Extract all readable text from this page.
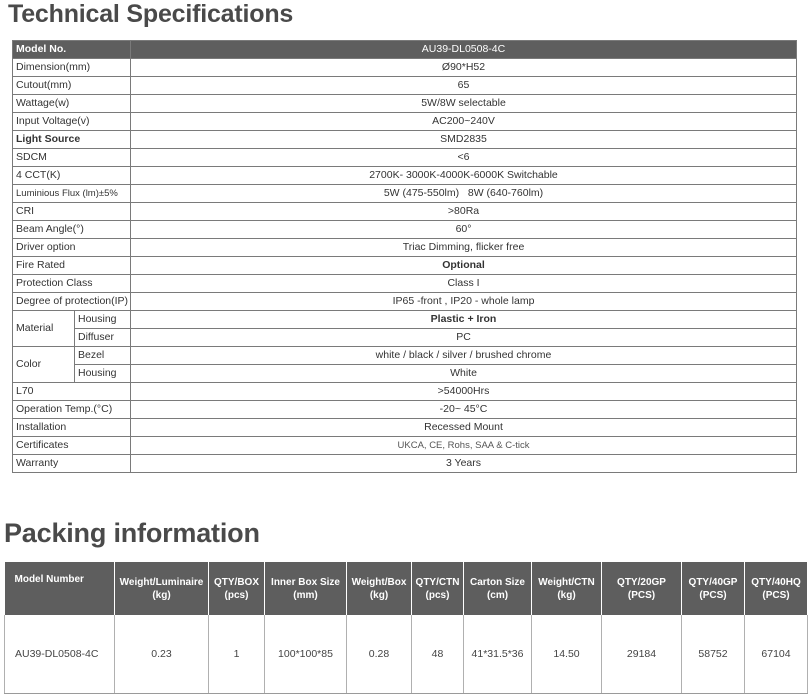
Technical Specifications
Model No.		AU39-DL0508-4C
Dimension(mm)		Ø90*H52
Cutout(mm)		65
Wattage(w)		5W/8W selectable
Input Voltage(v)		AC200~240V
Light Source		SMD2835
SDCM		<6
4 CCT(K)		2700K- 3000K-4000K-6000K Switchable
Luminious Flux (lm)±5%		5W (475-550lm)   8W (640-760lm)
CRI		>80Ra
Beam Angle(°)		60°
Driver option		Triac Dimming, flicker free
Fire Rated		Optional
Protection Class		Class I
Degree of protection(IP)		IP65 -front , IP20 - whole lamp
Material	Housing	Plastic + Iron
	Diffuser	PC
Color	Bezel	white / black / silver / brushed chrome
	Housing	White
L70		>54000Hrs
Operation Temp.(°C)		-20~ 45°C
Installation		Recessed Mount
Certificates		UKCA, CE, Rohs, SAA & C-tick
Warranty		3 Years
Packing information
Model Number	Weight/Luminaire (kg)	QTY/BOX (pcs)	Inner Box Size (mm)	Weight/Box (kg)	QTY/CTN (pcs)	Carton Size (cm)	Weight/CTN (kg)	QTY/20GP (PCS)	QTY/40GP (PCS)	QTY/40HQ (PCS)
AU39-DL0508-4C	0.23	1	100*100*85	0.28	48	41*31.5*36	14.50	29184	58752	67104
